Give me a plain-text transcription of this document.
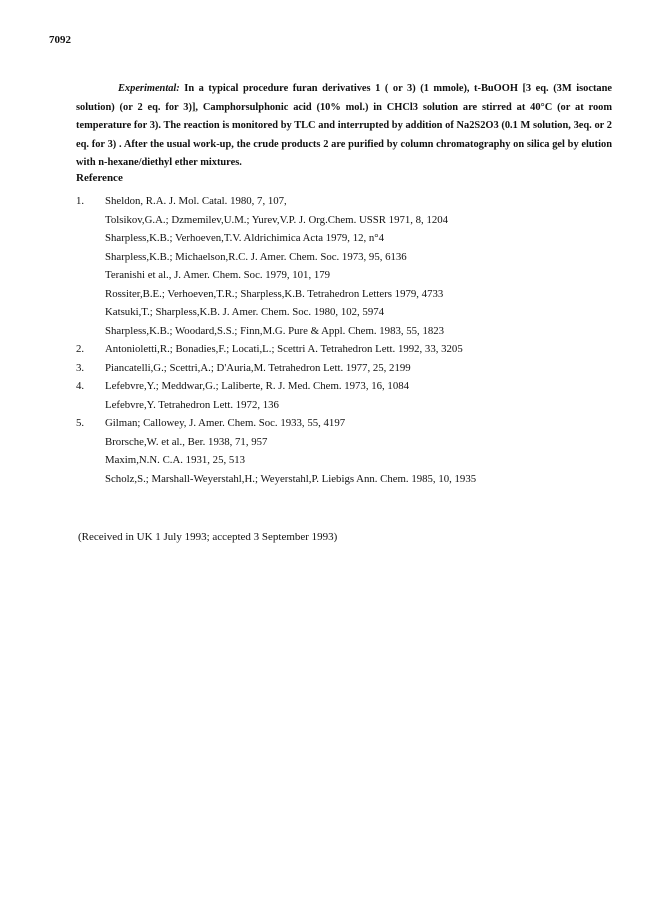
7092
Experimental: In a typical procedure furan derivatives 1 ( or 3) (1 mmole), t-BuOOH [3 eq. (3M isoctane solution) (or 2 eq. for 3)], Camphorsulphonic acid (10% mol.) in CHCl3 solution are stirred at 40°C (or at room temperature for 3). The reaction is monitored by TLC and interrupted by addition of Na2S2O3 (0.1 M solution, 3eq. or 2 eq. for 3) . After the usual work-up, the crude products 2 are purified by column chromatography on silica gel by elution with n-hexane/diethyl ether mixtures.
Reference
1.	Sheldon, R.A. J. Mol. Catal. 1980, 7, 107,
Tolsikov,G.A.; Dzmemilev,U.M.; Yurev,V.P. J. Org.Chem. USSR 1971, 8, 1204
Sharpless,K.B.; Verhoeven,T.V. Aldrichimica Acta 1979, 12, n°4
Sharpless,K.B.; Michaelson,R.C. J. Amer. Chem. Soc. 1973, 95, 6136
Teranishi et al., J. Amer. Chem. Soc. 1979, 101, 179
Rossiter,B.E.; Verhoeven,T.R.; Sharpless,K.B. Tetrahedron Letters 1979, 4733
Katsuki,T.; Sharpless,K.B. J. Amer. Chem. Soc. 1980, 102, 5974
Sharpless,K.B.; Woodard,S.S.; Finn,M.G. Pure & Appl. Chem. 1983, 55, 1823
2.	Antonioletti,R.; Bonadies,F.; Locati,L.; Scettri A. Tetrahedron Lett. 1992, 33, 3205
3.	Piancatelli,G.; Scettri,A.; D'Auria,M. Tetrahedron Lett. 1977, 25, 2199
4.	Lefebvre,Y.; Meddwar,G.; Laliberte, R. J. Med. Chem. 1973, 16, 1084
Lefebvre,Y. Tetrahedron Lett. 1972, 136
5.	Gilman; Callowey, J. Amer. Chem. Soc. 1933, 55, 4197
Brorsche,W. et al., Ber. 1938, 71, 957
Maxim,N.N. C.A. 1931, 25, 513
Scholz,S.; Marshall-Weyerstahl,H.; Weyerstahl,P. Liebigs Ann. Chem. 1985, 10, 1935
(Received in UK 1 July 1993; accepted 3 September 1993)
